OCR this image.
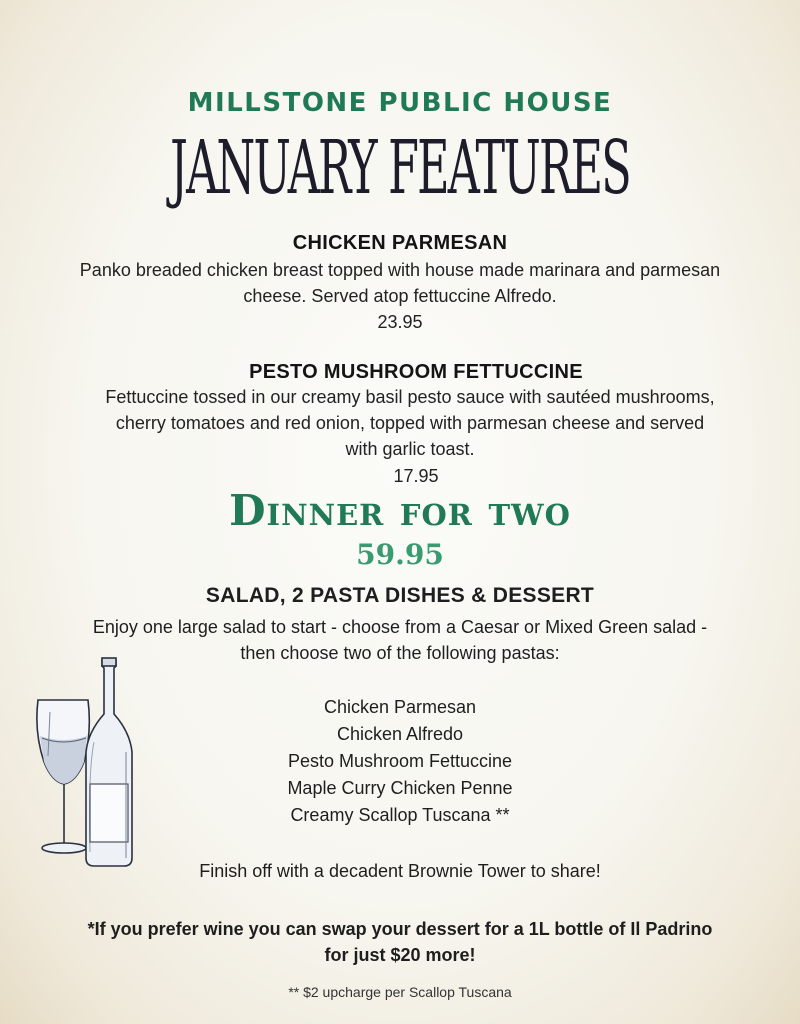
MILLSTONE PUBLIC HOUSE
JANUARY FEATURES
CHICKEN PARMESAN
Panko breaded chicken breast topped with house made marinara and parmesan
cheese. Served atop fettuccine Alfredo.
23.95
PESTO MUSHROOM FETTUCCINE
Fettuccine tossed in our creamy basil pesto sauce with sautéed mushrooms,
cherry tomatoes and red onion, topped with parmesan cheese and served
with garlic toast.
17.95
Dinner for two
59.95
SALAD, 2 PASTA DISHES & DESSERT
Enjoy one large salad to start - choose from a Caesar or Mixed Green salad -
then choose two of the following pastas:
Chicken Parmesan
Chicken Alfredo
Pesto Mushroom Fettuccine
Maple Curry Chicken Penne
Creamy Scallop Tuscana **
Finish off with a decadent Brownie Tower to share!
*If you prefer wine you can swap your dessert for a 1L bottle of Il Padrino
for just $20 more!
** $2 upcharge per Scallop Tuscana
